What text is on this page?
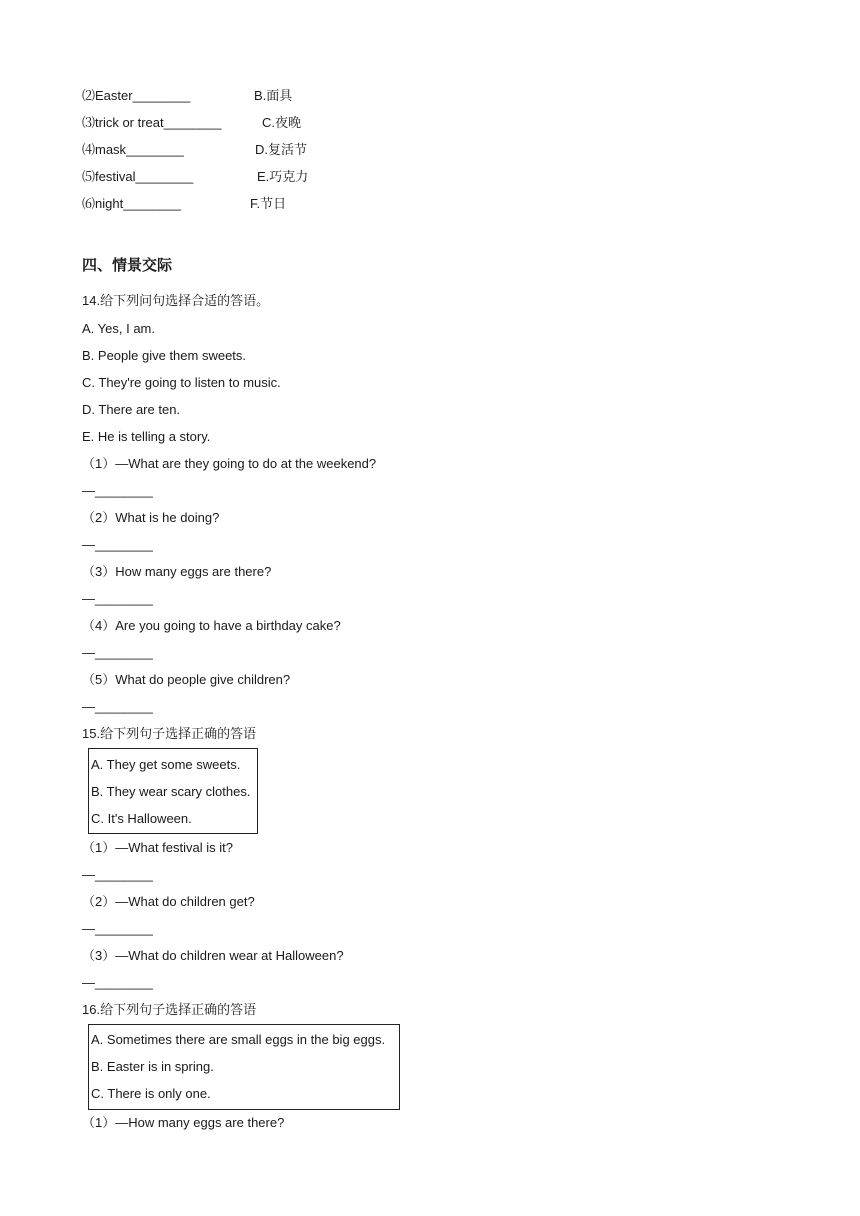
⑵Easter________	B.面具
⑶trick or treat________	C.夜晚
⑷mask________	D.复活节
⑸festival________	E.巧克力
⑹night________	F.节日
四、情景交际
14.给下列问句选择合适的答语。
A. Yes, I am.
B. People give them sweets.
C. They're going to listen to music.
D. There are ten.
E. He is telling a story.
（1）—What are they going to do at the weekend?
—________
（2）What is he doing?
—________
（3）How many eggs are there?
—________
（4）Are you going to have a birthday cake?
—________
（5）What do people give children?
—________
15.给下列句子选择正确的答语
A. They get some sweets.
B. They wear scary clothes.
C. It's Halloween.
（1）—What festival is it?
—________
（2）—What do children get?
—________
（3）—What do children wear at Halloween?
—________
16.给下列句子选择正确的答语
A. Sometimes there are small eggs in the big eggs.
B. Easter is in spring.
C. There is only one.
（1）—How many eggs are there?
